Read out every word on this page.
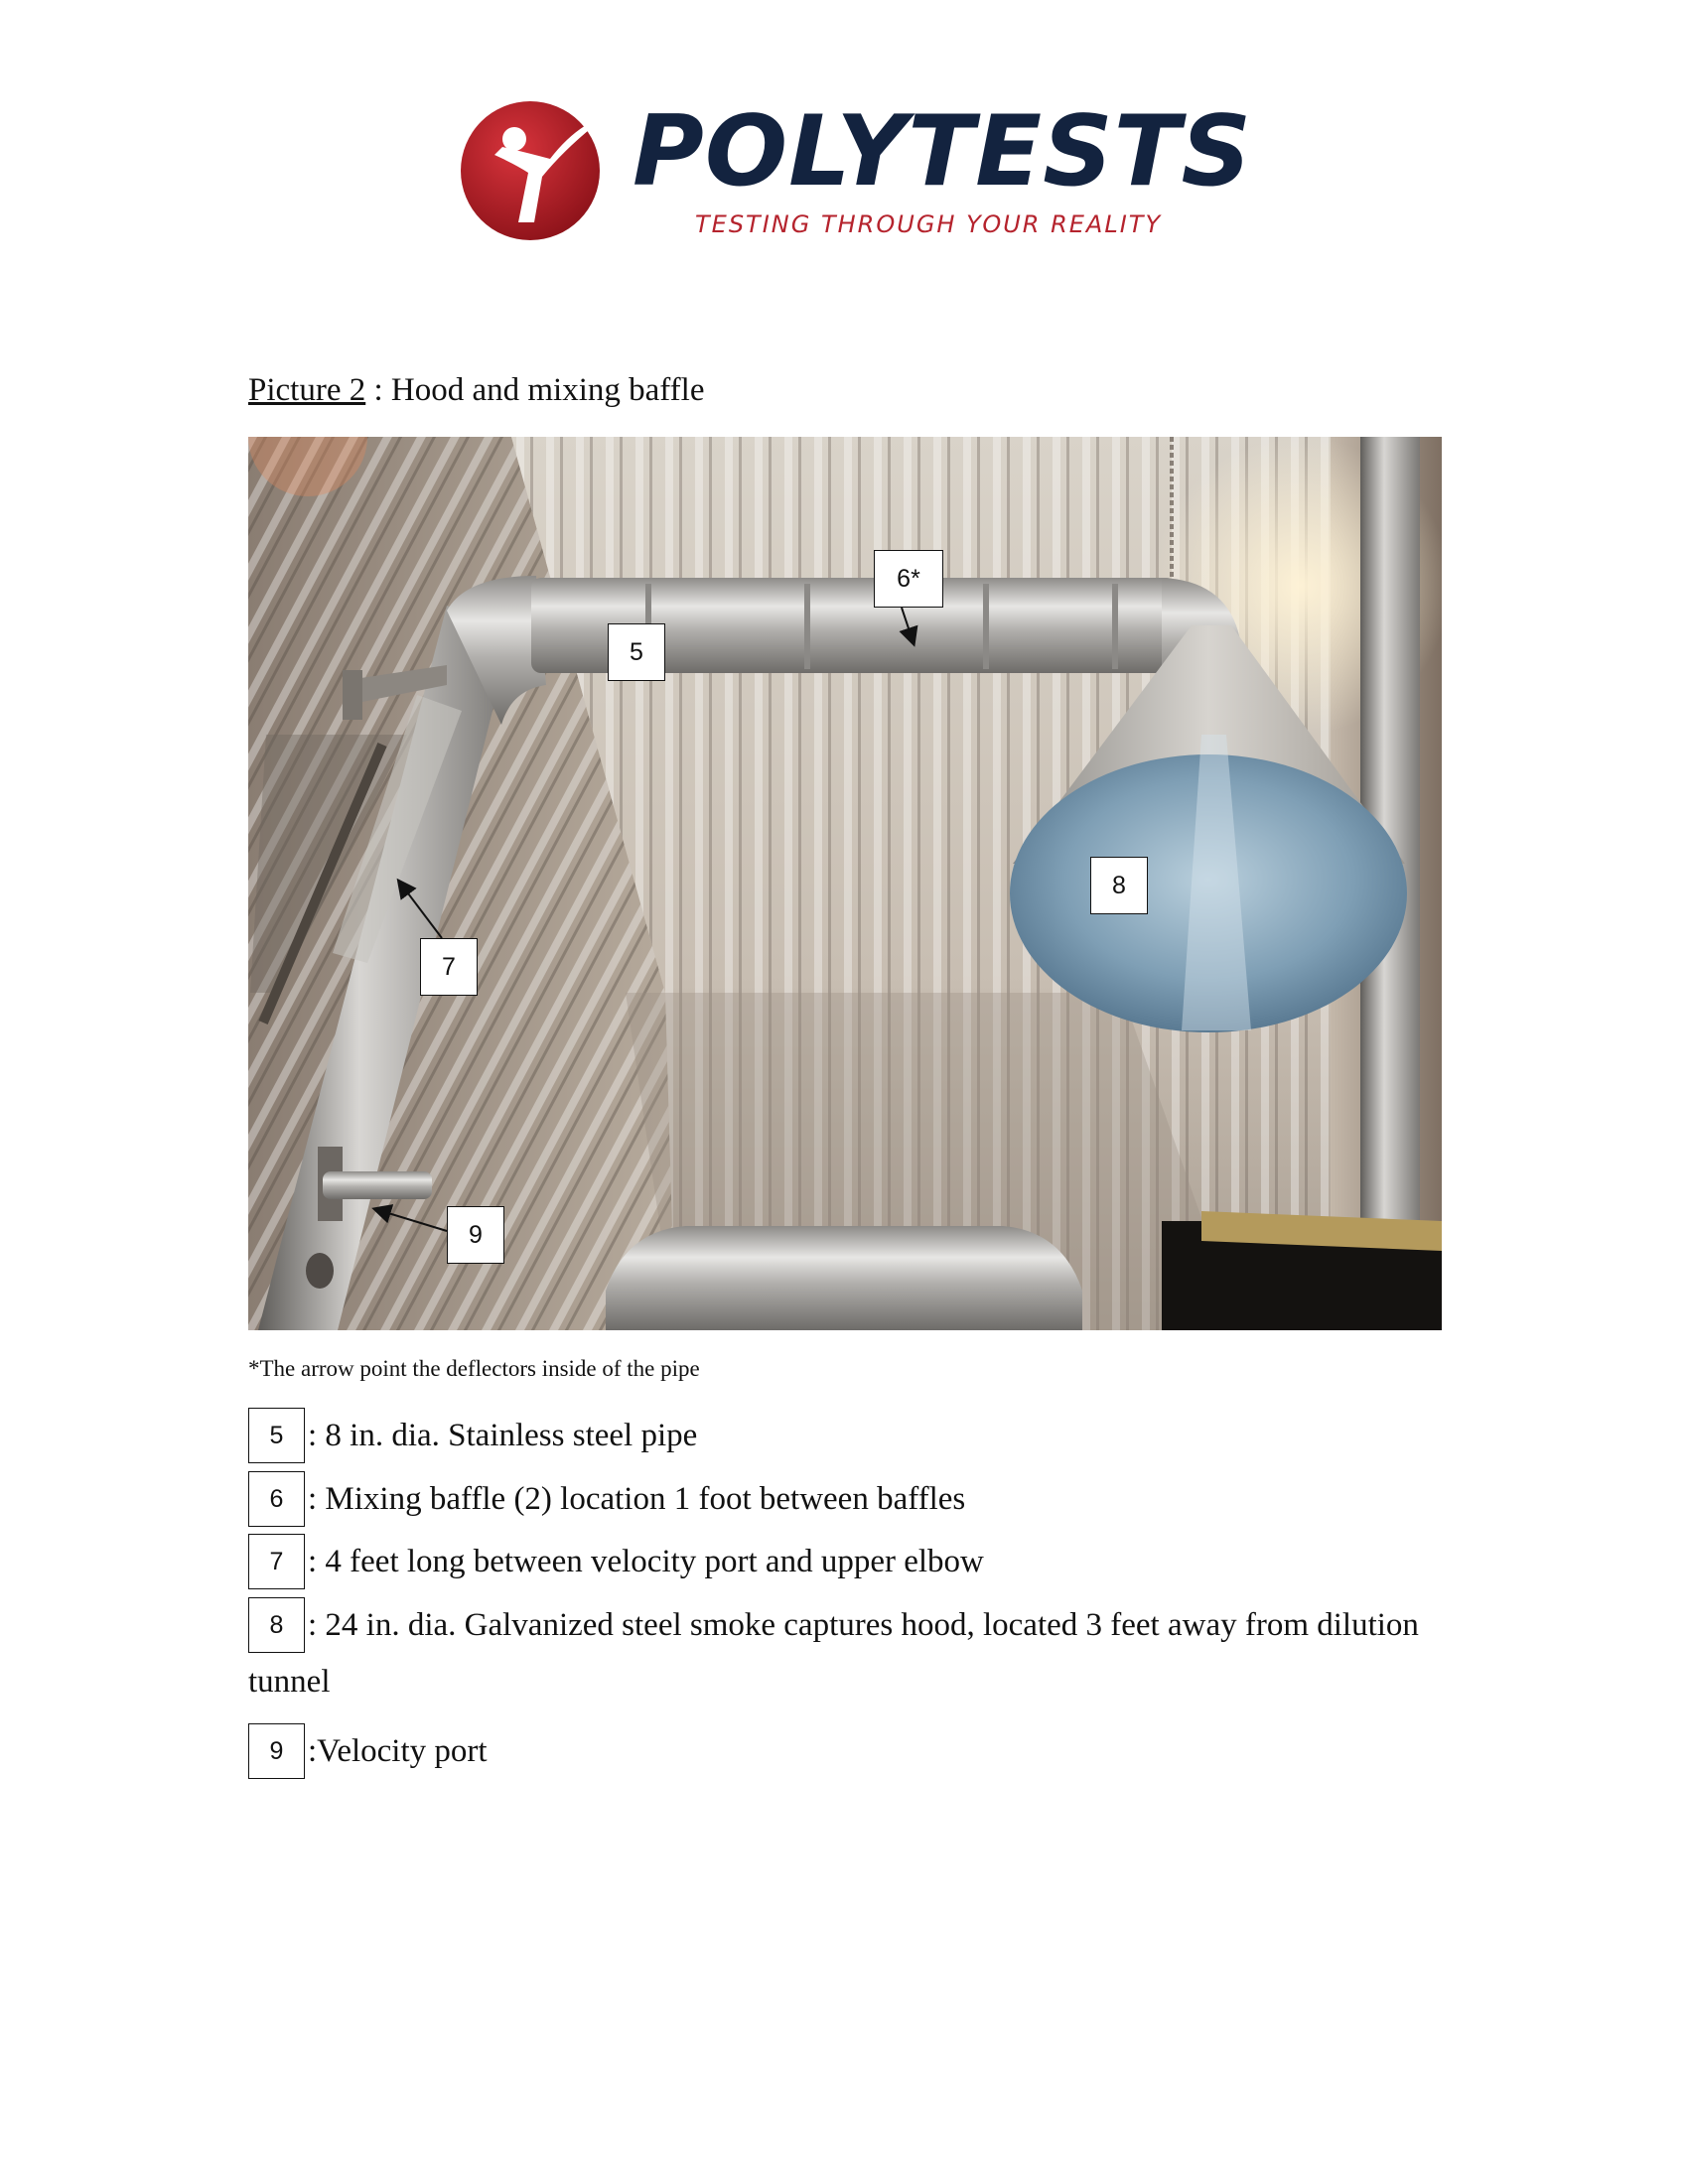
POLYTESTS
TESTING THROUGH YOUR REALITY
Picture 2 : Hood and mixing baffle
5
6*
7
8
9
*The arrow point the deflectors inside of the pipe
5 : 8 in. dia. Stainless steel pipe
6 : Mixing baffle (2) location 1 foot between baffles
7 : 4 feet long between velocity port and upper elbow
8 : 24 in. dia. Galvanized steel smoke captures hood, located 3 feet away from dilution
tunnel
9 :Velocity port
